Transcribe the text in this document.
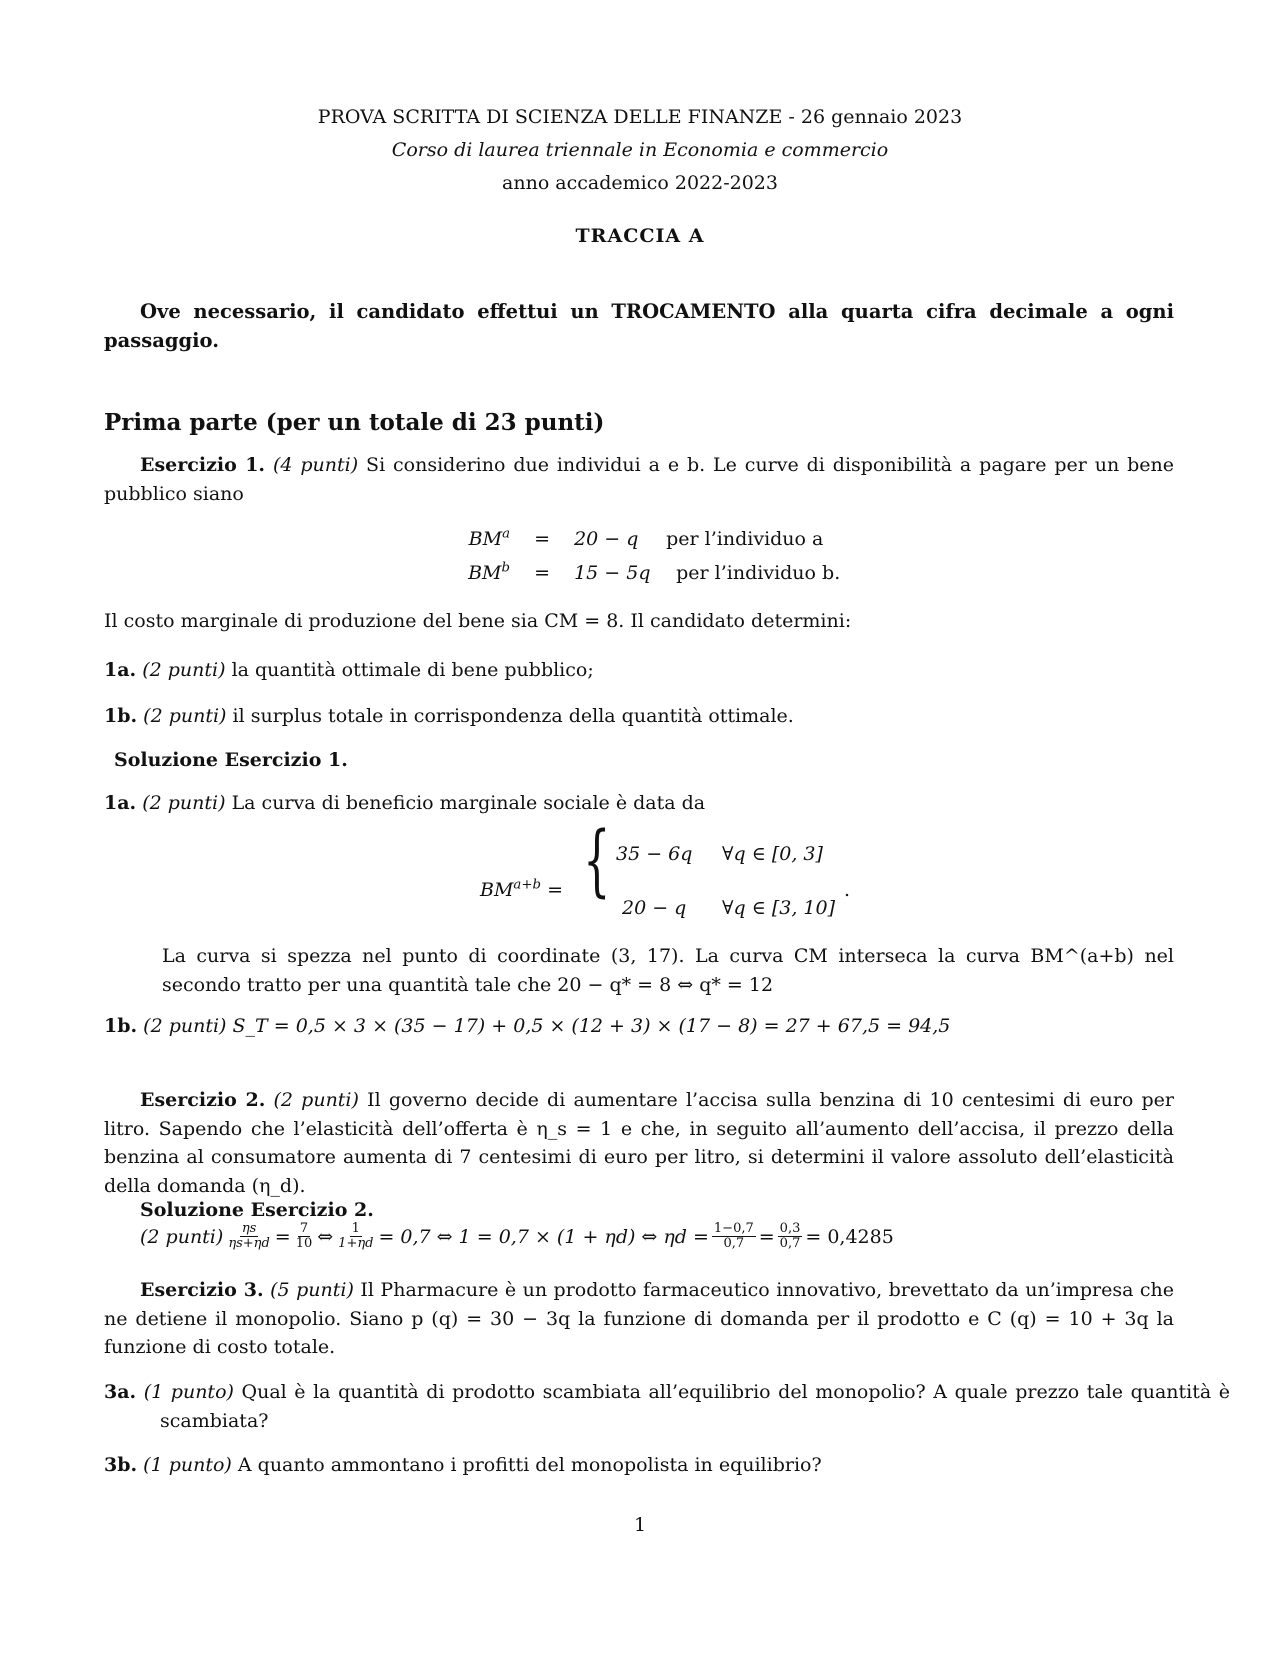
PROVA SCRITTA DI SCIENZA DELLE FINANZE - 26 gennaio 2023
Corso di laurea triennale in Economia e commercio
anno accademico 2022-2023
TRACCIA A
Ove necessario, il candidato effettui un TROCAMENTO alla quarta cifra decimale a ogni passaggio.
Prima parte (per un totale di 23 punti)
Esercizio 1. (4 punti) Si considerino due individui a e b. Le curve di disponibilità a pagare per un bene pubblico siano
$BM^a = 20 - q$ per l’individuo a
$BM^b = 15 - 5q$ per l’individuo b.
Il costo marginale di produzione del bene sia CM = 8. Il candidato determini:
1a. (2 punti) la quantità ottimale di bene pubblico;
1b. (2 punti) il surplus totale in corrispondenza della quantità ottimale.
Soluzione Esercizio 1.
1a. (2 punti) La curva di beneficio marginale sociale è data da
$BM^{a+b}$ = { 35 − 6q ∀q ∈ [0, 3]
20 − q ∀q ∈ [3, 10]
.
La curva si spezza nel punto di coordinate (3, 17). La curva CM interseca la curva BM^(a+b) nel secondo tratto per una quantità tale che 20 − q* = 8 ⇔ q* = 12
1b. (2 punti) S_T = 0,5 × 3 × (35 − 17) + 0,5 × (12 + 3) × (17 − 8) = 27 + 67,5 = 94,5
Esercizio 2. (2 punti) Il governo decide di aumentare l’accisa sulla benzina di 10 centesimi di euro per litro. Sapendo che l’elasticità dell’offerta è η_s = 1 e che, in seguito all’aumento dell’accisa, il prezzo della benzina al consumatore aumenta di 7 centesimi di euro per litro, si determini il valore assoluto dell’elasticità della domanda (η_d).
Soluzione Esercizio 2.
(2 punti) $\frac{\eta s}{\eta s+\eta d} = \frac{7}{10}$ ⇔ $\frac{1}{1+\eta d} = 0,7$ ⇔ 1 = 0,7 × (1 + ηd) ⇔ $\eta d = \frac{1-0,7}{0,7} = \frac{0,3}{0,7} = 0,4285$
Esercizio 3. (5 punti) Il Pharmacure è un prodotto farmaceutico innovativo, brevettato da un’impresa che ne detiene il monopolio. Siano p (q) = 30 − 3q la funzione di domanda per il prodotto e C (q) = 10 + 3q la funzione di costo totale.
3a. (1 punto) Qual è la quantità di prodotto scambiata all’equilibrio del monopolio? A quale prezzo tale quantità è scambiata?
3b. (1 punto) A quanto ammontano i profitti del monopolista in equilibrio?
1
